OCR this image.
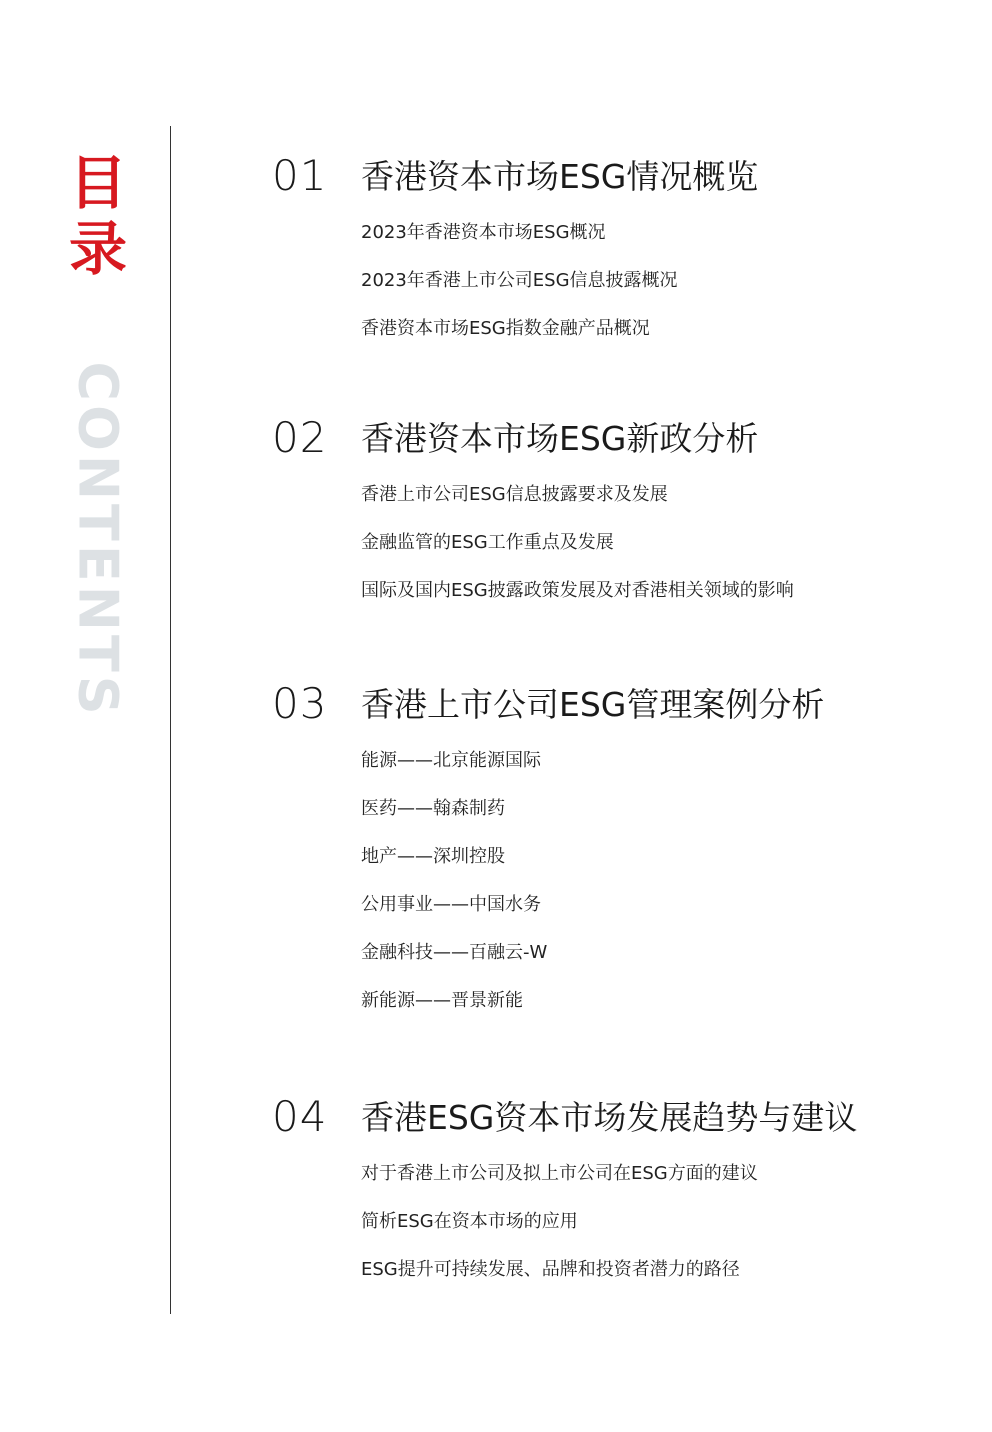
目
录
CONTENTS
01 香港资本市场ESG情况概览
2023年香港资本市场ESG概况
2023年香港上市公司ESG信息披露概况
香港资本市场ESG指数金融产品概况
02 香港资本市场ESG新政分析
香港上市公司ESG信息披露要求及发展
金融监管的ESG工作重点及发展
国际及国内ESG披露政策发展及对香港相关领域的影响
03 香港上市公司ESG管理案例分析
能源——北京能源国际
医药——翰森制药
地产——深圳控股
公用事业——中国水务
金融科技——百融云-W
新能源——晋景新能
04 香港ESG资本市场发展趋势与建议
对于香港上市公司及拟上市公司在ESG方面的建议
简析ESG在资本市场的应用
ESG提升可持续发展、品牌和投资者潜力的路径
